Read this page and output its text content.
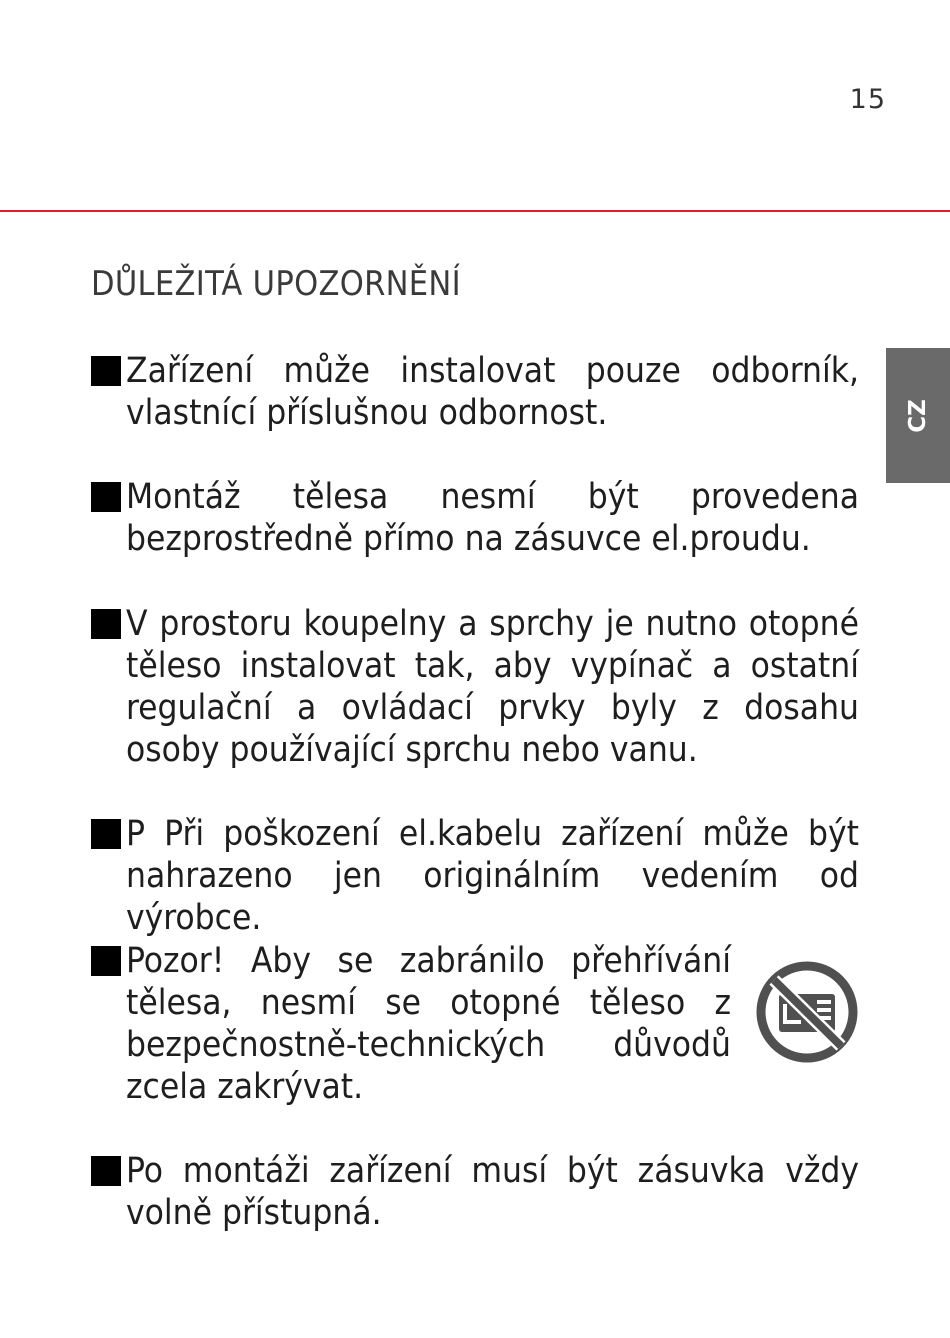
15
CZ
DŮLEŽITÁ UPOZORNĚNÍ
Zařízení může instalovat pouze odborník, vlastnící příslušnou odbornost.
Montáž tělesa nesmí být provedena bezprostředně přímo na zásuvce el.proudu.
V prostoru koupelny a sprchy je nutno otopné těleso instalovat tak, aby vypínač a ostatní regulační a ovládací prvky byly z dosahu osoby používající sprchu nebo vanu.
P Při poškození el.kabelu zařízení může být nahrazeno jen originálním vedením od výrobce.
Pozor! Aby se zabránilo přehřívání tělesa, nesmí se otopné těleso z bezpečnostně-technických důvodů zcela zakrývat.
Po montáži zařízení musí být zásuvka vždy volně přístupná.
